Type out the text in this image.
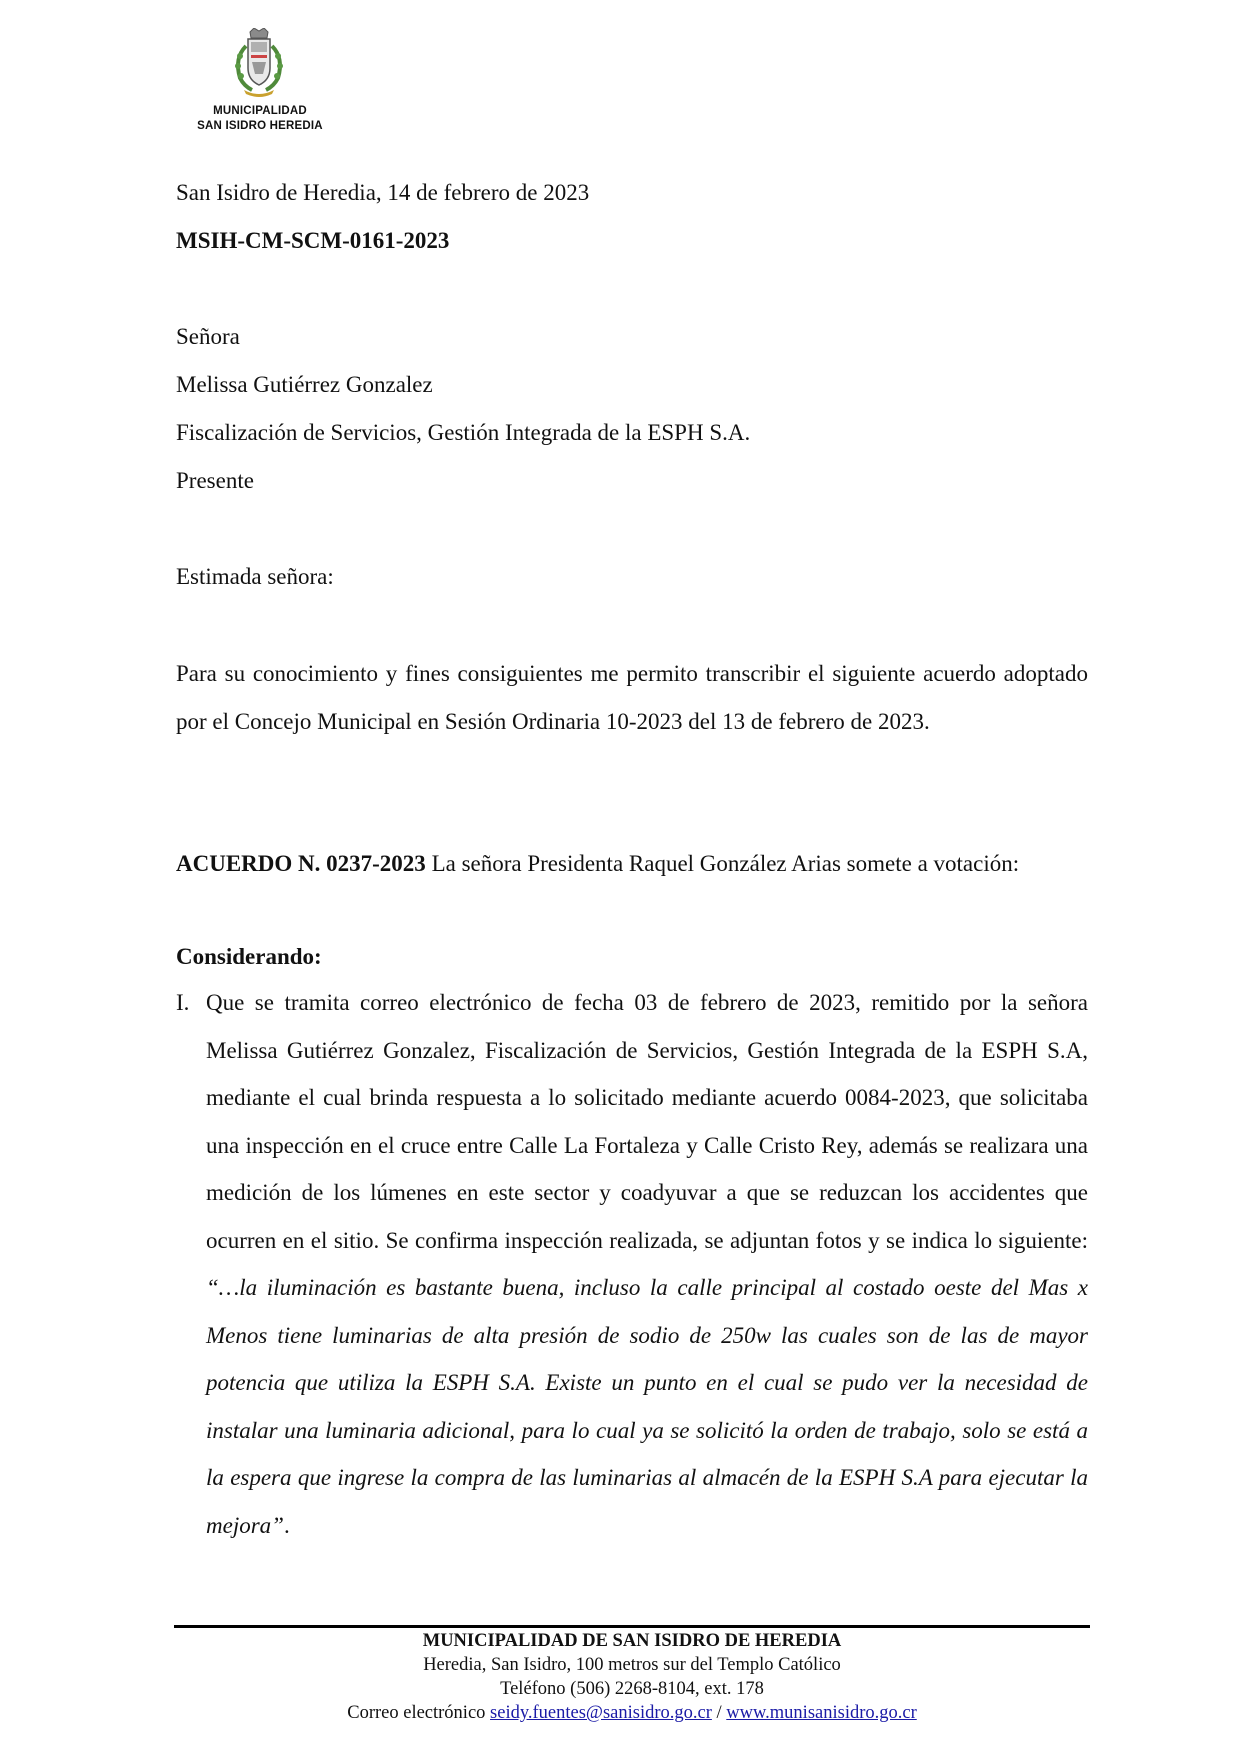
MUNICIPALIDAD
SAN ISIDRO HEREDIA
San Isidro de Heredia, 14 de febrero de 2023
MSIH-CM-SCM-0161-2023
Señora
Melissa Gutiérrez Gonzalez
Fiscalización de Servicios, Gestión Integrada de la ESPH S.A.
Presente
Estimada señora:

Para su conocimiento y fines consiguientes me permito transcribir el siguiente acuerdo adoptado por el Concejo Municipal en Sesión Ordinaria 10-2023 del 13 de febrero de 2023.

ACUERDO N. 0237-2023 La señora Presidenta Raquel González Arias somete a votación:

Considerando:
I. Que se tramita correo electrónico de fecha 03 de febrero de 2023, remitido por la señora Melissa Gutiérrez Gonzalez, Fiscalización de Servicios, Gestión Integrada de la ESPH S.A, mediante el cual brinda respuesta a lo solicitado mediante acuerdo 0084-2023, que solicitaba una inspección en el cruce entre Calle La Fortaleza y Calle Cristo Rey, además se realizara una medición de los lúmenes en este sector y coadyuvar a que se reduzcan los accidentes que ocurren en el sitio. Se confirma inspección realizada, se adjuntan fotos y se indica lo siguiente: “…la iluminación es bastante buena, incluso la calle principal al costado oeste del Mas x Menos tiene luminarias de alta presión de sodio de 250w las cuales son de las de mayor potencia que utiliza la ESPH S.A. Existe un punto en el cual se pudo ver la necesidad de instalar una luminaria adicional, para lo cual ya se solicitó la orden de trabajo, solo se está a la espera que ingrese la compra de las luminarias al almacén de la ESPH S.A para ejecutar la mejora”.
MUNICIPALIDAD DE SAN ISIDRO DE HEREDIA
Heredia, San Isidro, 100 metros sur del Templo Católico
Teléfono (506) 2268-8104, ext. 178
Correo electrónico seidy.fuentes@sanisidro.go.cr / www.munisanisidro.go.cr
